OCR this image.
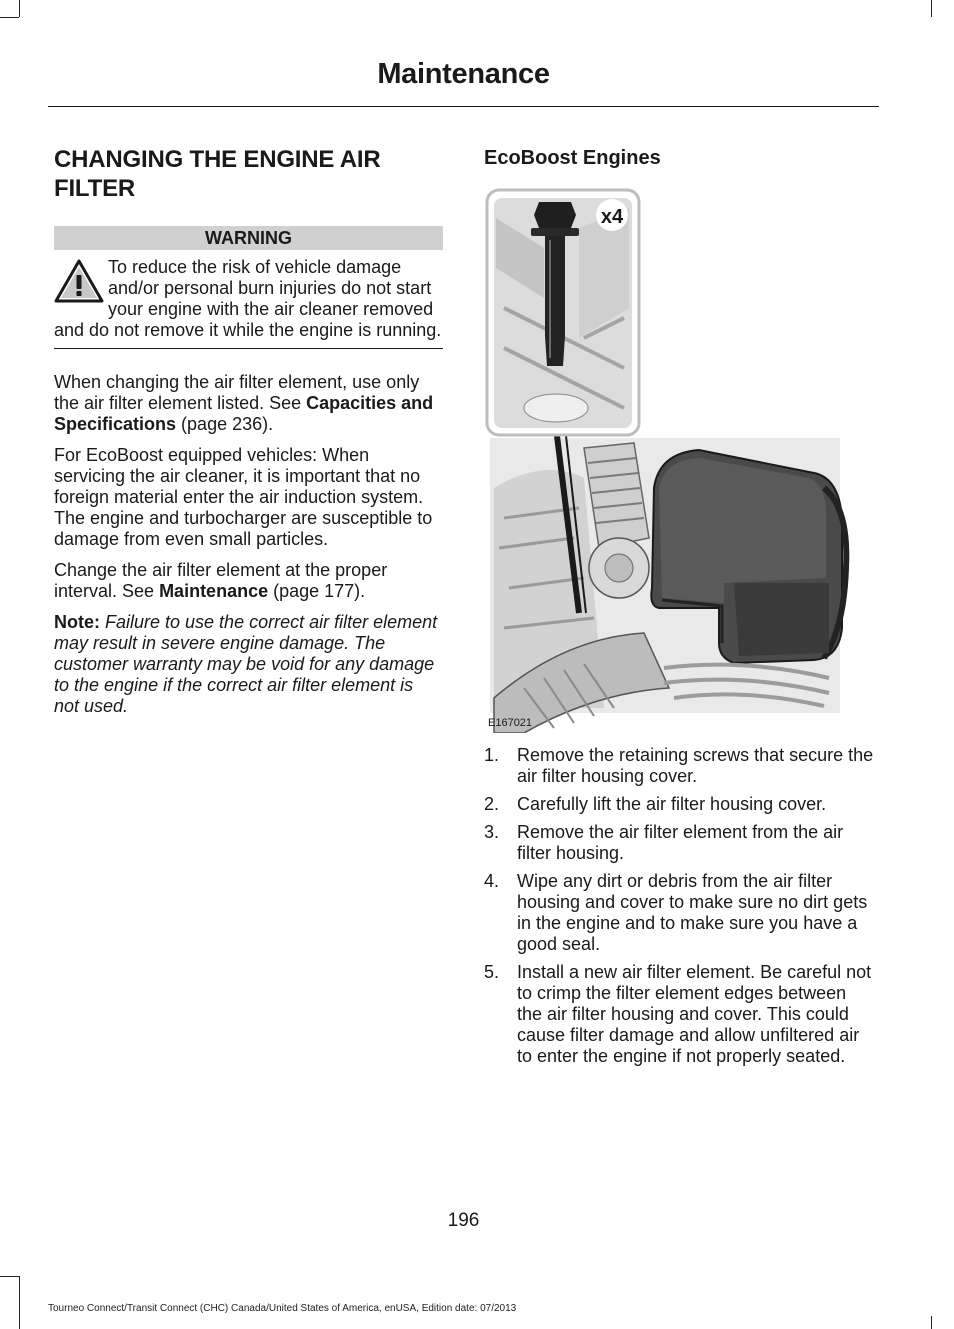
Maintenance
CHANGING THE ENGINE AIR FILTER
WARNING
To reduce the risk of vehicle damage and/or personal burn injuries do not start your engine with the air cleaner removed and do not remove it while the engine is running.

When changing the air filter element, use only the air filter element listed. See Capacities and Specifications (page 236).

For EcoBoost equipped vehicles: When servicing the air cleaner, it is important that no foreign material enter the air induction system. The engine and turbocharger are susceptible to damage from even small particles.

Change the air filter element at the proper interval. See Maintenance (page 177).

Note: Failure to use the correct air filter element may result in severe engine damage. The customer warranty may be void for any damage to the engine if the correct air filter element is not used.

EcoBoost Engines
x4
E167021
1. Remove the retaining screws that secure the air filter housing cover.
2. Carefully lift the air filter housing cover.
3. Remove the air filter element from the air filter housing.
4. Wipe any dirt or debris from the air filter housing and cover to make sure no dirt gets in the engine and to make sure you have a good seal.
5. Install a new air filter element. Be careful not to crimp the filter element edges between the air filter housing and cover. This could cause filter damage and allow unfiltered air to enter the engine if not properly seated.
196
Tourneo Connect/Transit Connect (CHC) Canada/United States of America, enUSA, Edition date: 07/2013
